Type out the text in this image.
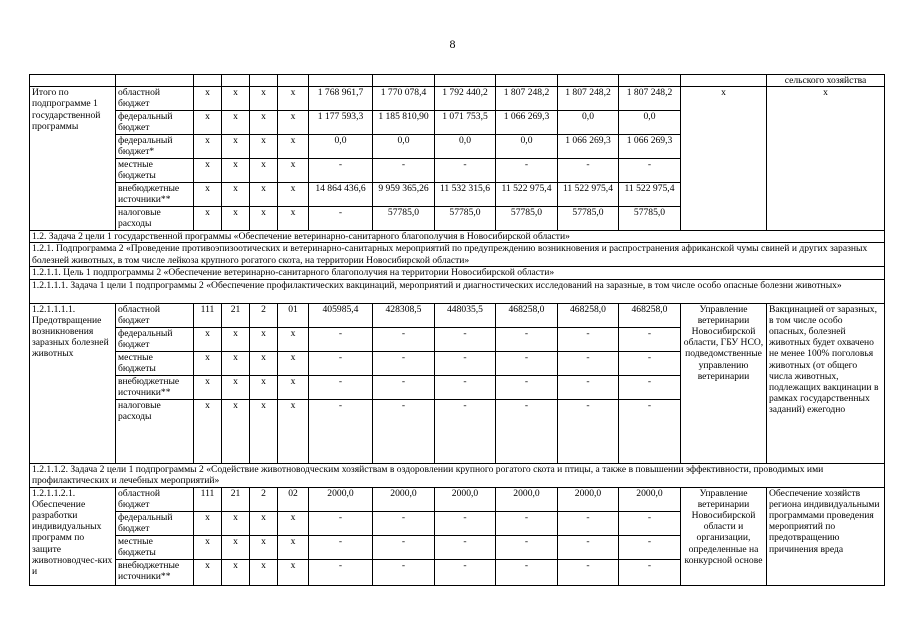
8
													сельского хозяйства
Итого по подпрограмме 1 государственной программы	областной бюджет	х	х	х	х	1 768 961,7	1 770 078,4	1 792 440,2	1 807 248,2	1 807 248,2	1 807 248,2	х	х
	федеральный бюджет	х	х	х	х	1 177 593,3	1 185 810,90	1 071 753,5	1 066 269,3	0,0	0,0		
	федеральный бюджет*	х	х	х	х	0,0	0,0	0,0	0,0	1 066 269,3	1 066 269,3		
	местные бюджеты	х	х	х	х	-	-	-	-	-	-		
	внебюджетные источники**	х	х	х	х	14 864 436,6	9 959 365,26	11 532 315,6	11 522 975,4	11 522 975,4	11 522 975,4		
	налоговые расходы	х	х	х	х	-	57785,0	57785,0	57785,0	57785,0	57785,0		
1.2. Задача 2 цели 1 государственной программы «Обеспечение ветеринарно-санитарного благополучия в Новосибирской области»													
1.2.1. Подпрограмма 2 «Проведение противоэпизоотических и ветеринарно-санитарных мероприятий по предупреждению возникновения и распространения африканской чумы свиней и других заразных болезней животных, в том числе лейкоза крупного рогатого скота, на территории Новосибирской области»													
1.2.1.1. Цель 1 подпрограммы 2 «Обеспечение ветеринарно-санитарного благополучия на территории Новосибирской области»													
1.2.1.1.1. Задача 1 цели 1 подпрограммы 2 «Обеспечение профилактических вакцинаций, мероприятий и диагностических исследований на заразные, в том числе особо опасные болезни животных»													
1.2.1.1.1.1. Предотвращение возникновения заразных болезней животных	областной бюджет	111	21	2	01	405985,4	428308,5	448035,5	468258,0	468258,0	468258,0	Управление ветеринарии Новосибирской области, ГБУ НСО, подведомственные управлению ветеринарии	Вакцинацией от заразных, в том числе особо опасных, болезней животных будет охвачено не менее 100% поголовья животных (от общего числа животных, подлежащих вакцинации в рамках государственных заданий) ежегодно
	федеральный бюджет	х	х	х	х	-	-	-	-	-	-		
	местные бюджеты	х	х	х	х	-	-	-	-	-	-		
	внебюджетные источники**	х	х	х	х	-	-	-	-	-	-		
	налоговые расходы	х	х	х	х	-	-	-	-	-	-		
1.2.1.1.2. Задача 2 цели 1 подпрограммы 2 «Содействие животноводческим хозяйствам в оздоровлении крупного рогатого скота и птицы, а также в повышении эффективности, проводимых ими профилактических и лечебных мероприятий»													
1.2.1.1.2.1. Обеспечение разработки индивидуальных программ по защите животноводчес-ких и	областной бюджет	111	21	2	02	2000,0	2000,0	2000,0	2000,0	2000,0	2000,0	Управление ветеринарии Новосибирской области и организации, определенные на конкурсной основе	Обеспечение хозяйств региона индивидуальными программами проведения мероприятий по предотвращению причинения вреда
	федеральный бюджет	х	х	х	х	-	-	-	-	-	-		
	местные бюджеты	х	х	х	х	-	-	-	-	-	-		
	внебюджетные источники**	х	х	х	х	-	-	-	-	-	-		
